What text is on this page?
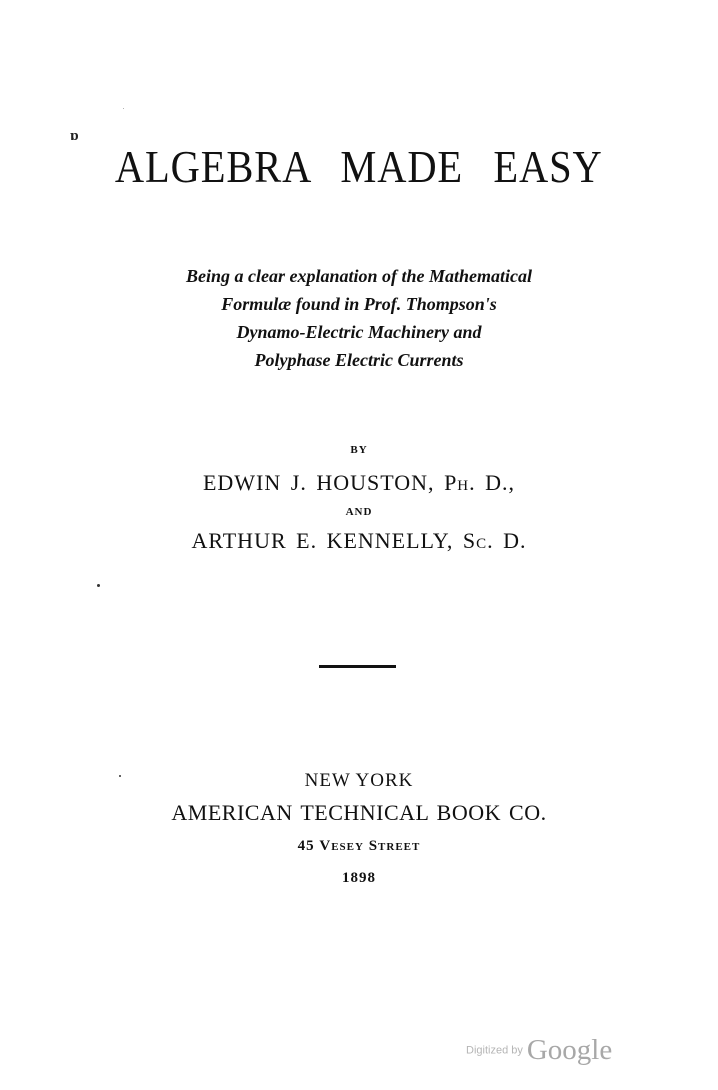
ɒ
ALGEBRA MADE EASY
Being a clear explanation of the Mathematical
Formulæ found in Prof. Thompson's
Dynamo-Electric Machinery and
Polyphase Electric Currents
BY
EDWIN J. HOUSTON, Ph. D.,
AND
ARTHUR E. KENNELLY, Sc. D.
NEW YORK
AMERICAN TECHNICAL BOOK CO.
45 Vesey Street
1898
Digitized by Google
